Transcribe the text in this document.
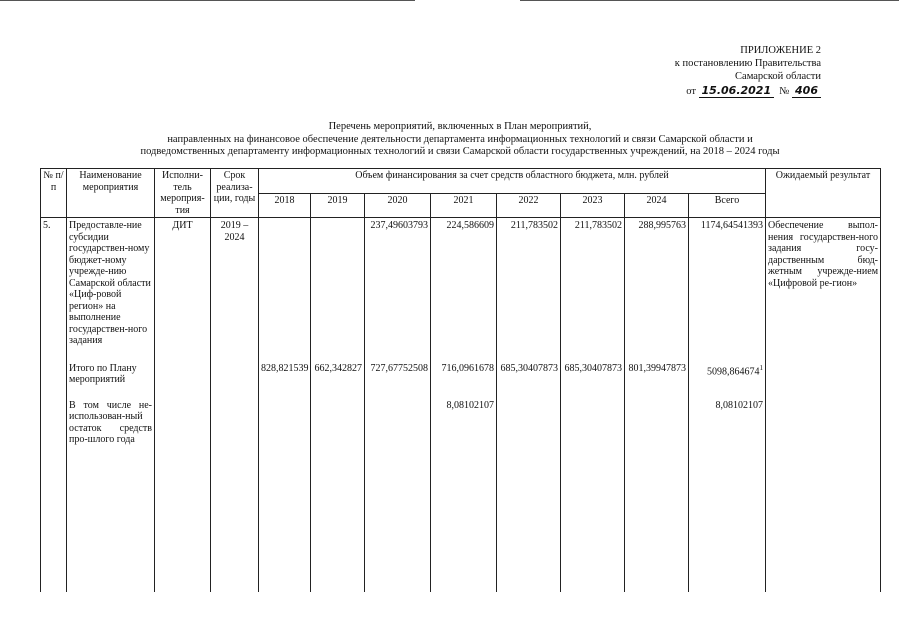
ПРИЛОЖЕНИЕ 2
к постановлению Правительства
Самарской области
от 15.06.2021 № 406
Перечень мероприятий, включенных в План мероприятий,
направленных на финансовое обеспечение деятельности департамента информационных технологий и связи Самарской области и
подведомственных департаменту информационных технологий и связи Самарской области государственных учреждений, на 2018 – 2024 годы
№ п/п	Наименование мероприятия	Исполни-тель мероприя-тия	Срок реализа-ции, годы	Объем финансирования за счет средств областного бюджета, млн. рублей								Ожидаемый результат
				2018	2019	2020	2021	2022	2023	2024	Всего	
5.	Предоставле-ние субсидии государствен-ному бюджет-ному учрежде-нию Самарской области «Циф-ровой регион» на выполнение государствен-ного задания	ДИТ	2019 – 2024			237,49603793	224,586609	211,783502	211,783502	288,995763	1174,64541393	Обеспечение выпол-нения государствен-ного задания госу-дарственным бюд-жетным учрежде-нием «Цифровой ре-гион»
	Итого по Плану мероприятий			828,821539	662,342827	727,67752508	716,0961678	685,30407873	685,30407873	801,39947873	5098,864674$^1$	
	В том числе не-использован-ный остаток средств про-шлого года						8,08102107				8,08102107	
